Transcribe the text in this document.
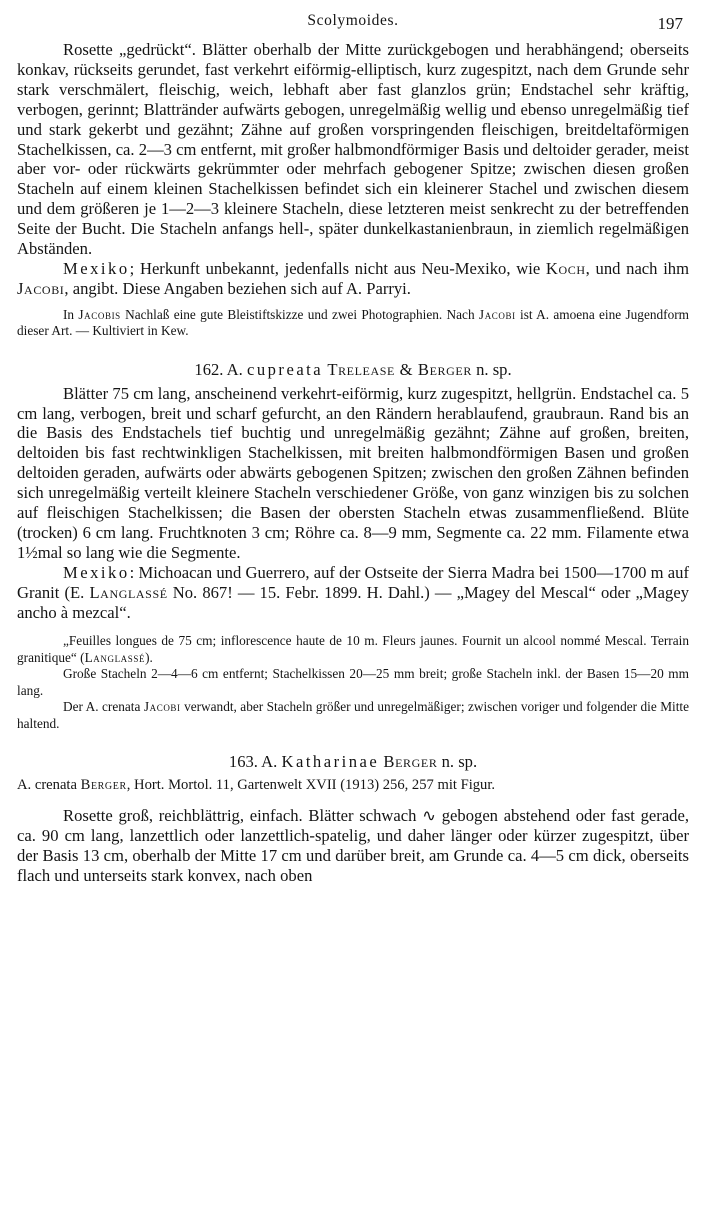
Scolymoides.	197

Rosette „gedrückt“. Blätter oberhalb der Mitte zurückgebogen und herabhängend; oberseits konkav, rückseits gerundet, fast verkehrt eiförmig-elliptisch, kurz zugespitzt, nach dem Grunde sehr stark verschmälert, fleischig, weich, lebhaft aber fast glanzlos grün; Endstachel sehr kräftig, verbogen, gerinnt; Blattränder aufwärts gebogen, unregelmäßig wellig und ebenso unregelmäßig tief und stark gekerbt und gezähnt; Zähne auf großen vorspringenden fleischigen, breitdeltaförmigen Stachelkissen, ca. 2—3 cm entfernt, mit großer halbmondförmiger Basis und deltoider gerader, meist aber vor- oder rückwärts gekrümmter oder mehrfach gebogener Spitze; zwischen diesen großen Stacheln auf einem kleinen Stachelkissen befindet sich ein kleinerer Stachel und zwischen diesem und dem größeren je 1—2—3 kleinere Stacheln, diese letzteren meist senkrecht zu der betreffenden Seite der Bucht. Die Stacheln anfangs hell-, später dunkelkastanienbraun, in ziemlich regelmäßigen Abständen.

Mexiko; Herkunft unbekannt, jedenfalls nicht aus Neu-Mexiko, wie Koch, und nach ihm Jacobi, angibt. Diese Angaben beziehen sich auf A. Parryi.

In Jacobis Nachlaß eine gute Bleistiftskizze und zwei Photographien. Nach Jacobi ist A. amoena eine Jugendform dieser Art. — Kultiviert in Kew.

162. A. cupreata Trelease & Berger n. sp.

Blätter 75 cm lang, anscheinend verkehrt-eiförmig, kurz zugespitzt, hellgrün. Endstachel ca. 5 cm lang, verbogen, breit und scharf gefurcht, an den Rändern herablaufend, graubraun. Rand bis an die Basis des Endstachels tief buchtig und unregelmäßig gezähnt; Zähne auf großen, breiten, deltoiden bis fast rechtwinkligen Stachelkissen, mit breiten halbmondförmigen Basen und großen deltoiden geraden, aufwärts oder abwärts gebogenen Spitzen; zwischen den großen Zähnen befinden sich unregelmäßig verteilt kleinere Stacheln verschiedener Größe, von ganz winzigen bis zu solchen auf fleischigen Stachelkissen; die Basen der obersten Stacheln etwas zusammenfließend. Blüte (trocken) 6 cm lang. Fruchtknoten 3 cm; Röhre ca. 8—9 mm, Segmente ca. 22 mm. Filamente etwa 1½mal so lang wie die Segmente.

Mexiko: Michoacan und Guerrero, auf der Ostseite der Sierra Madra bei 1500—1700 m auf Granit (E. Langlassé No. 867! — 15. Febr. 1899. H. Dahl.) — „Magey del Mescal“ oder „Magey ancho à mezcal“.

„Feuilles longues de 75 cm; inflorescence haute de 10 m. Fleurs jaunes. Fournit un alcool nommé Mescal. Terrain granitique“ (Langlassé).

Große Stacheln 2—4—6 cm entfernt; Stachelkissen 20—25 mm breit; große Stacheln inkl. der Basen 15—20 mm lang.

Der A. crenata Jacobi verwandt, aber Stacheln größer und unregelmäßiger; zwischen voriger und folgender die Mitte haltend.

163. A. Katharinae Berger n. sp.

A. crenata Berger, Hort. Mortol. 11, Gartenwelt XVII (1913) 256, 257 mit Figur.

Rosette groß, reichblättrig, einfach. Blätter schwach ∿ gebogen abstehend oder fast gerade, ca. 90 cm lang, lanzettlich oder lanzettlich-spatelig, und daher länger oder kürzer zugespitzt, über der Basis 13 cm, oberhalb der Mitte 17 cm und darüber breit, am Grunde ca. 4—5 cm dick, oberseits flach und unterseits stark konvex, nach oben
